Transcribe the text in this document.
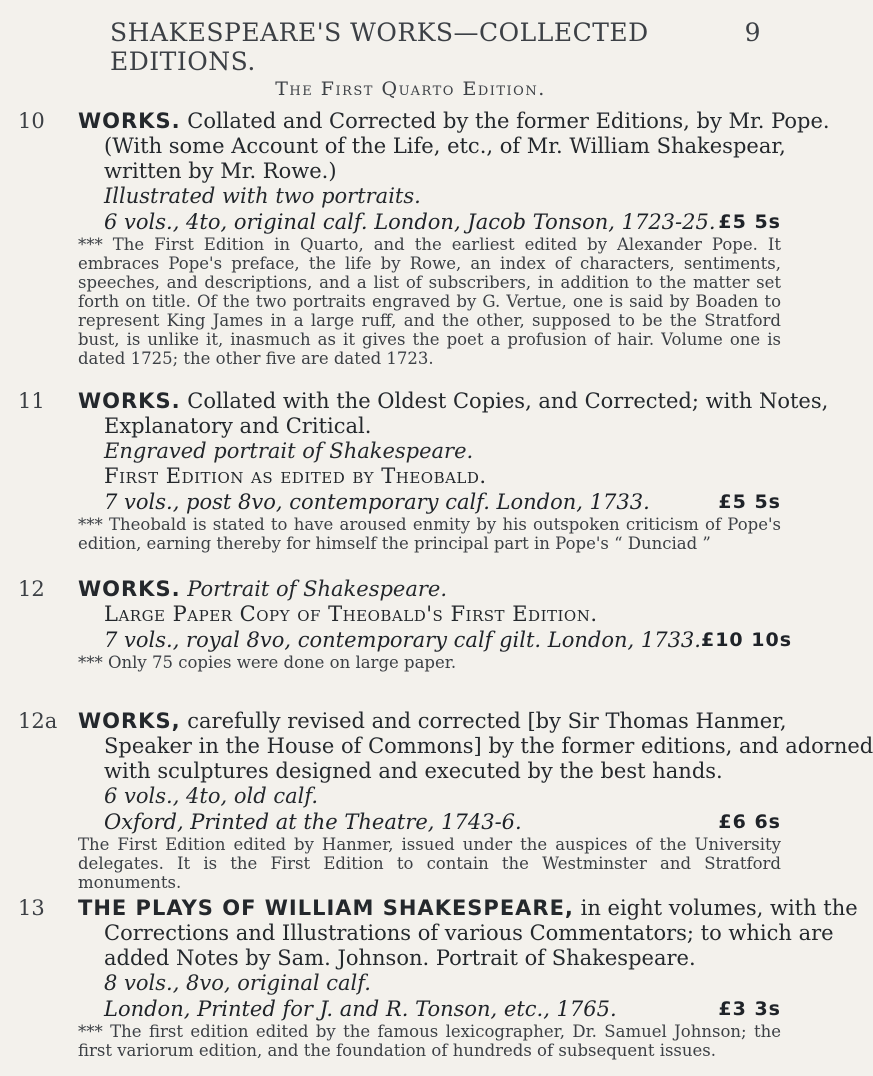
SHAKESPEARE'S WORKS—COLLECTED EDITIONS.
9
The First Quarto Edition.
10	WORKS. Collated and Corrected by the former Editions, by Mr. Pope.
(With some Account of the Life, etc., of Mr. William Shakespear,
written by Mr. Rowe.)
Illustrated with two portraits.
6 vols., 4to, original calf. London, Jacob Tonson, 1723-25. £5 5s
*** The First Edition in Quarto, and the earliest edited by Alexander Pope. It embraces Pope's preface, the life by Rowe, an index of characters, sentiments, speeches, and descriptions, and a list of subscribers, in addition to the matter set forth on title. Of the two portraits engraved by G. Vertue, one is said by Boaden to represent King James in a large ruff, and the other, supposed to be the Stratford bust, is unlike it, inasmuch as it gives the poet a profusion of hair. Volume one is dated 1725; the other five are dated 1723.
11	WORKS. Collated with the Oldest Copies, and Corrected; with Notes,
Explanatory and Critical.
Engraved portrait of Shakespeare.
First Edition as edited by Theobald.
7 vols., post 8vo, contemporary calf. London, 1733.	£5 5s
*** Theobald is stated to have aroused enmity by his outspoken criticism of Pope's edition, earning thereby for himself the principal part in Pope's “ Dunciad ”
12	WORKS. Portrait of Shakespeare.
Large Paper Copy of Theobald's First Edition.
7 vols., royal 8vo, contemporary calf gilt. London, 1733. £10 10s
*** Only 75 copies were done on large paper.
12a WORKS, carefully revised and corrected [by Sir Thomas Hanmer,
Speaker in the House of Commons] by the former editions, and adorned
with sculptures designed and executed by the best hands.
6 vols., 4to, old calf.
Oxford, Printed at the Theatre, 1743-6.	£6 6s
The First Edition edited by Hanmer, issued under the auspices of the University delegates. It is the First Edition to contain the Westminster and Stratford monuments.
13	THE PLAYS OF WILLIAM SHAKESPEARE, in eight volumes, with the
Corrections and Illustrations of various Commentators; to which are
added Notes by Sam. Johnson. Portrait of Shakespeare.
8 vols., 8vo, original calf.
London, Printed for J. and R. Tonson, etc., 1765.	£3 3s
*** The first edition edited by the famous lexicographer, Dr. Samuel Johnson; the first variorum edition, and the foundation of hundreds of subsequent issues.
